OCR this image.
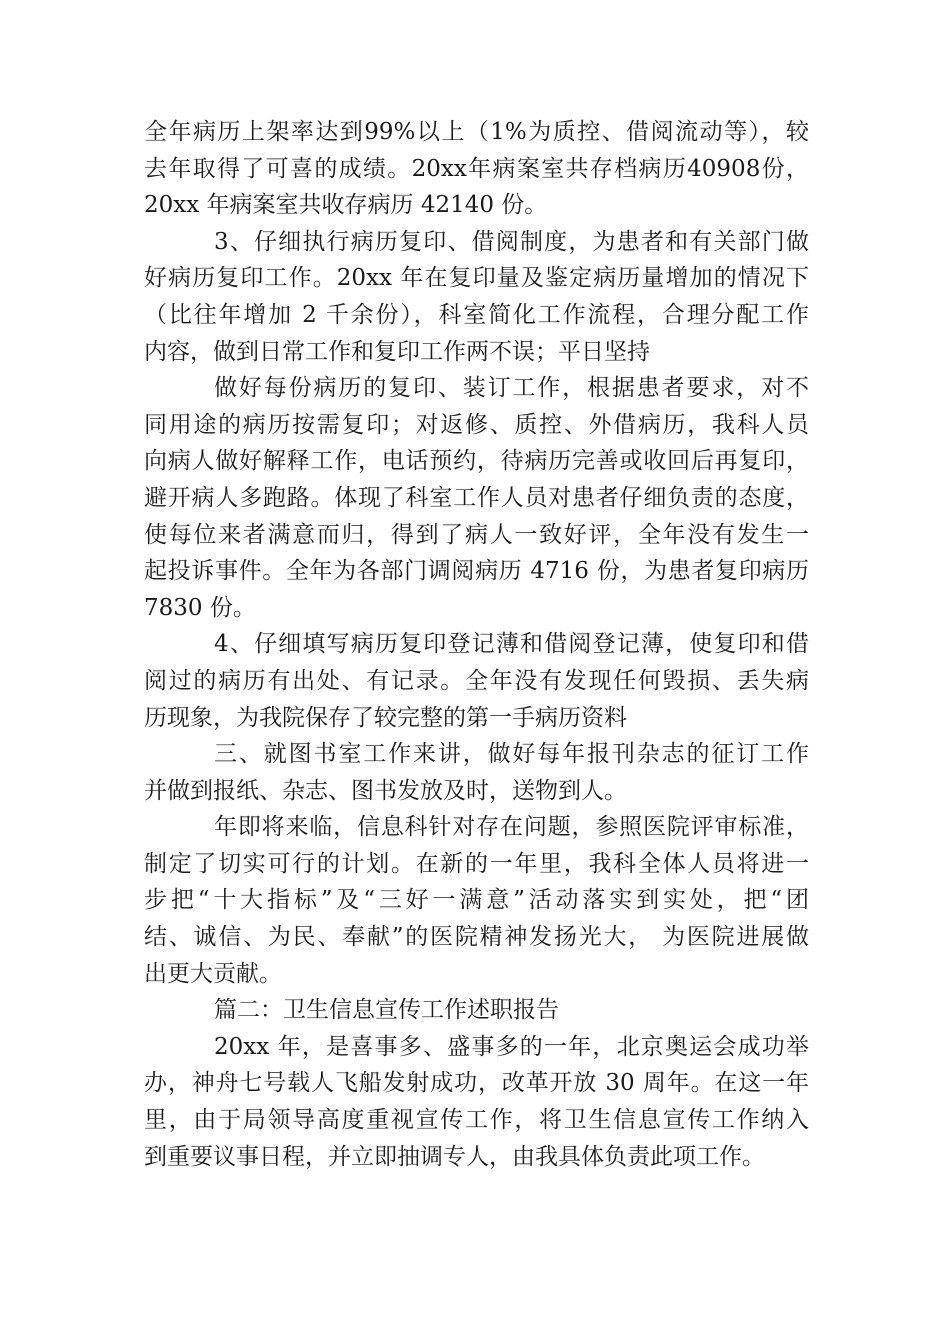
全年病历上架率达到99%以上（1%为质控、借阅流动等），较
去年取得了可喜的成绩。20xx年病案室共存档病历40908份，
20xx 年病案室共收存病历 42140 份。
3、仔细执行病历复印、借阅制度，为患者和有关部门做
好病历复印工作。20xx 年在复印量及鉴定病历量增加的情况下
（比往年增加 2 千余份），科室简化工作流程，合理分配工作
内容，做到日常工作和复印工作两不误；平日坚持
做好每份病历的复印、装订工作，根据患者要求，对不
同用途的病历按需复印；对返修、质控、外借病历，我科人员
向病人做好解释工作，电话预约，待病历完善或收回后再复印，
避开病人多跑路。体现了科室工作人员对患者仔细负责的态度，
使每位来者满意而归，得到了病人一致好评，全年没有发生一
起投诉事件。全年为各部门调阅病历 4716 份，为患者复印病历
7830 份。
4、仔细填写病历复印登记薄和借阅登记薄，使复印和借
阅过的病历有出处、有记录。全年没有发现任何毁损、丢失病
历现象，为我院保存了较完整的第一手病历资料
三、就图书室工作来讲，做好每年报刊杂志的征订工作
并做到报纸、杂志、图书发放及时，送物到人。
年即将来临，信息科针对存在问题，参照医院评审标准，
制定了切实可行的计划。在新的一年里，我科全体人员将进一
步把“十大指标”及“三好一满意”活动落实到实处，把“团
结、诚信、为民、奉献”的医院精神发扬光大， 为医院进展做
出更大贡献。
篇二：卫生信息宣传工作述职报告
20xx 年，是喜事多、盛事多的一年，北京奥运会成功举
办，神舟七号载人飞船发射成功，改革开放 30 周年。在这一年
里，由于局领导高度重视宣传工作，将卫生信息宣传工作纳入
到重要议事日程，并立即抽调专人，由我具体负责此项工作。
